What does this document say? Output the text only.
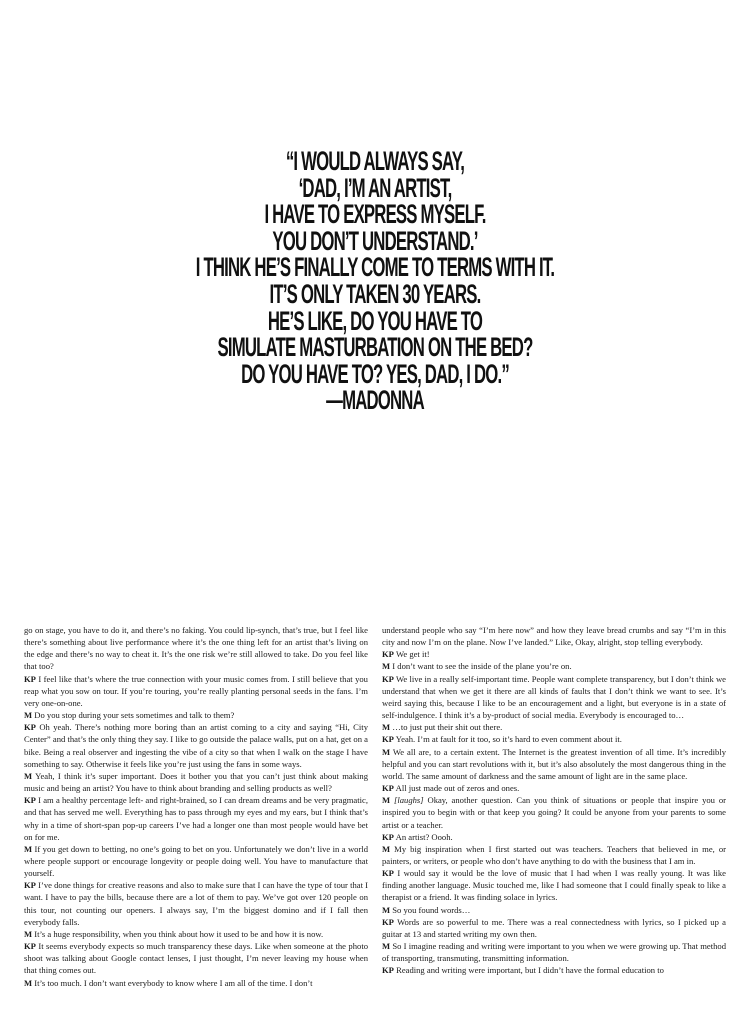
“I WOULD ALWAYS SAY,
‘DAD, I’M AN ARTIST,
I HAVE TO EXPRESS MYSELF.
YOU DON’T UNDERSTAND.’
I THINK HE’S FINALLY COME TO TERMS WITH IT.
IT’S ONLY TAKEN 30 YEARS.
HE’S LIKE, DO YOU HAVE TO
SIMULATE MASTURBATION ON THE BED?
DO YOU HAVE TO? YES, DAD, I DO.”
—MADONNA
go on stage, you have to do it, and there’s no faking. You could lip-synch, that’s true, but I feel like there’s something about live performance where it’s the one thing left for an artist that’s living on the edge and there’s no way to cheat it. It’s the one risk we’re still allowed to take. Do you feel like that too?
KP I feel like that’s where the true connection with your music comes from. I still believe that you reap what you sow on tour. If you’re touring, you’re really planting personal seeds in the fans. I’m very one-on-one.
M Do you stop during your sets sometimes and talk to them?
KP Oh yeah. There’s nothing more boring than an artist coming to a city and saying “Hi, City Center” and that’s the only thing they say. I like to go outside the palace walls, put on a hat, get on a bike. Being a real observer and ingesting the vibe of a city so that when I walk on the stage I have something to say. Otherwise it feels like you’re just using the fans in some ways.
M Yeah, I think it’s super important. Does it bother you that you can’t just think about making music and being an artist? You have to think about branding and selling products as well?
KP I am a healthy percentage left- and right-brained, so I can dream dreams and be very pragmatic, and that has served me well. Everything has to pass through my eyes and my ears, but I think that’s why in a time of short-span pop-up careers I’ve had a longer one than most people would have bet on for me.
M If you get down to betting, no one’s going to bet on you. Unfortunately we don’t live in a world where people support or encourage longevity or people doing well. You have to manufacture that yourself.
KP I’ve done things for creative reasons and also to make sure that I can have the type of tour that I want. I have to pay the bills, because there are a lot of them to pay. We’ve got over 120 people on this tour, not counting our openers. I always say, I’m the biggest domino and if I fall then everybody falls.
M It’s a huge responsibility, when you think about how it used to be and how it is now.
KP It seems everybody expects so much transparency these days. Like when someone at the photo shoot was talking about Google contact lenses, I just thought, I’m never leaving my house when that thing comes out.
M It’s too much. I don’t want everybody to know where I am all of the time. I don’t
understand people who say “I’m here now” and how they leave bread crumbs and say “I’m in this city and now I’m on the plane. Now I’ve landed.” Like, Okay, alright, stop telling everybody.
KP We get it!
M I don’t want to see the inside of the plane you’re on.
KP We live in a really self-important time. People want complete transparency, but I don’t think we understand that when we get it there are all kinds of faults that I don’t think we want to see. It’s weird saying this, because I like to be an encouragement and a light, but everyone is in a state of self-indulgence. I think it’s a by-product of social media. Everybody is encouraged to…
M …to just put their shit out there.
KP Yeah. I’m at fault for it too, so it’s hard to even comment about it.
M We all are, to a certain extent. The Internet is the greatest invention of all time. It’s incredibly helpful and you can start revolutions with it, but it’s also absolutely the most dangerous thing in the world. The same amount of darkness and the same amount of light are in the same place.
KP All just made out of zeros and ones.
M [laughs] Okay, another question. Can you think of situations or people that inspire you or inspired you to begin with or that keep you going? It could be anyone from your parents to some artist or a teacher.
KP An artist? Oooh.
M My big inspiration when I first started out was teachers. Teachers that believed in me, or painters, or writers, or people who don’t have anything to do with the business that I am in.
KP I would say it would be the love of music that I had when I was really young. It was like finding another language. Music touched me, like I had someone that I could finally speak to like a therapist or a friend. It was finding solace in lyrics.
M So you found words…
KP Words are so powerful to me. There was a real connectedness with lyrics, so I picked up a guitar at 13 and started writing my own then.
M So I imagine reading and writing were important to you when we were growing up. That method of transporting, transmuting, transmitting information.
KP Reading and writing were important, but I didn’t have the formal education to
